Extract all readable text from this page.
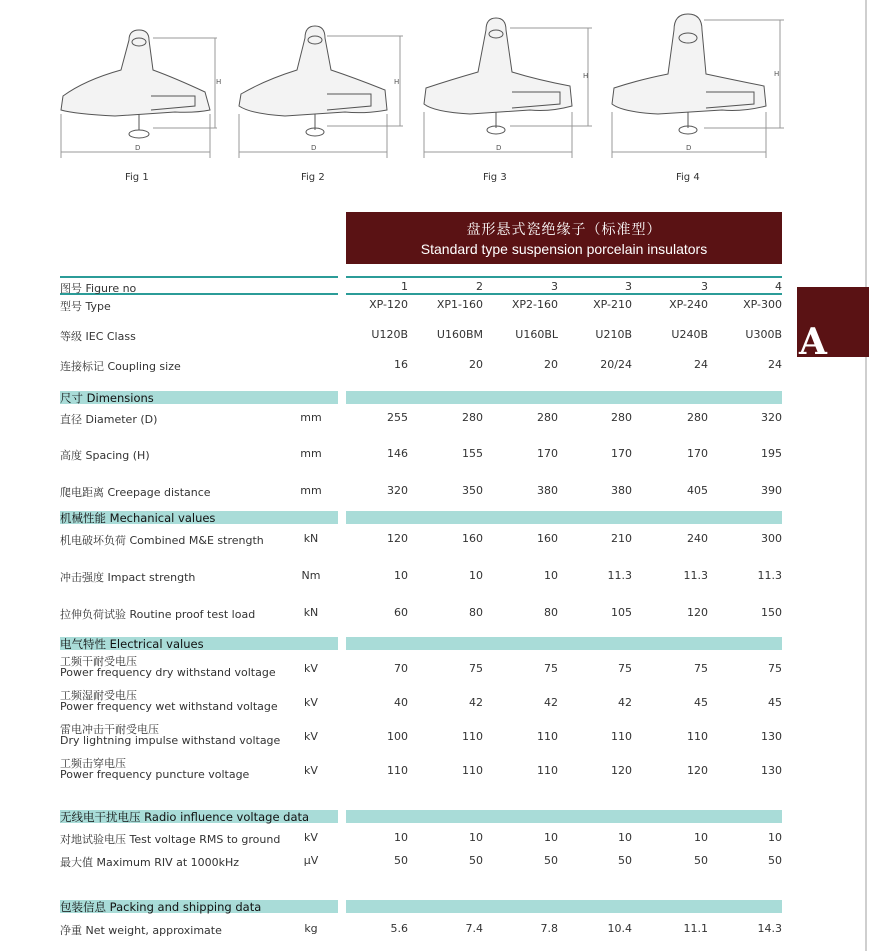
H
D
H
D
H
D
H
D
Fig 1	Fig 2	Fig 3	Fig 4
盘形悬式瓷绝缘子（标准型）
Standard type suspension porcelain insulators
A
图号 Figure no	1	2	3	3	3	4
型号 Type	XP-120	XP1-160	XP2-160	XP-210	XP-240	XP-300
等级 IEC Class	U120B	U160BM	U160BL	U210B	U240B	U300B
连接标记 Coupling size	16	20	20	20/24	24	24
尺寸 Dimensions
直径 Diameter (D)	mm	255	280	280	280	280	320
高度 Spacing (H)	mm	146	155	170	170	170	195
爬电距离 Creepage distance	mm	320	350	380	380	405	390
机械性能 Mechanical values
机电破坏负荷 Combined M&E strength	kN	120	160	160	210	240	300
冲击强度 Impact strength	Nm	10	10	10	11.3	11.3	11.3
拉伸负荷试验 Routine proof test load	kN	60	80	80	105	120	150
电气特性 Electrical values
工频干耐受电压
Power frequency dry withstand voltage	kV	70	75	75	75	75	75
工频湿耐受电压
Power frequency wet withstand voltage	kV	40	42	42	42	45	45
雷电冲击干耐受电压
Dry lightning impulse withstand voltage	kV	100	110	110	110	110	130
工频击穿电压
Power frequency puncture voltage	kV	110	110	110	120	120	130
无线电干扰电压 Radio influence voltage data
对地试验电压 Test voltage RMS to ground	kV	10	10	10	10	10	10
最大值 Maximum RIV at 1000kHz	µV	50	50	50	50	50	50
包装信息 Packing and shipping data
净重 Net weight, approximate	kg	5.6	7.4	7.8	10.4	11.1	14.3
